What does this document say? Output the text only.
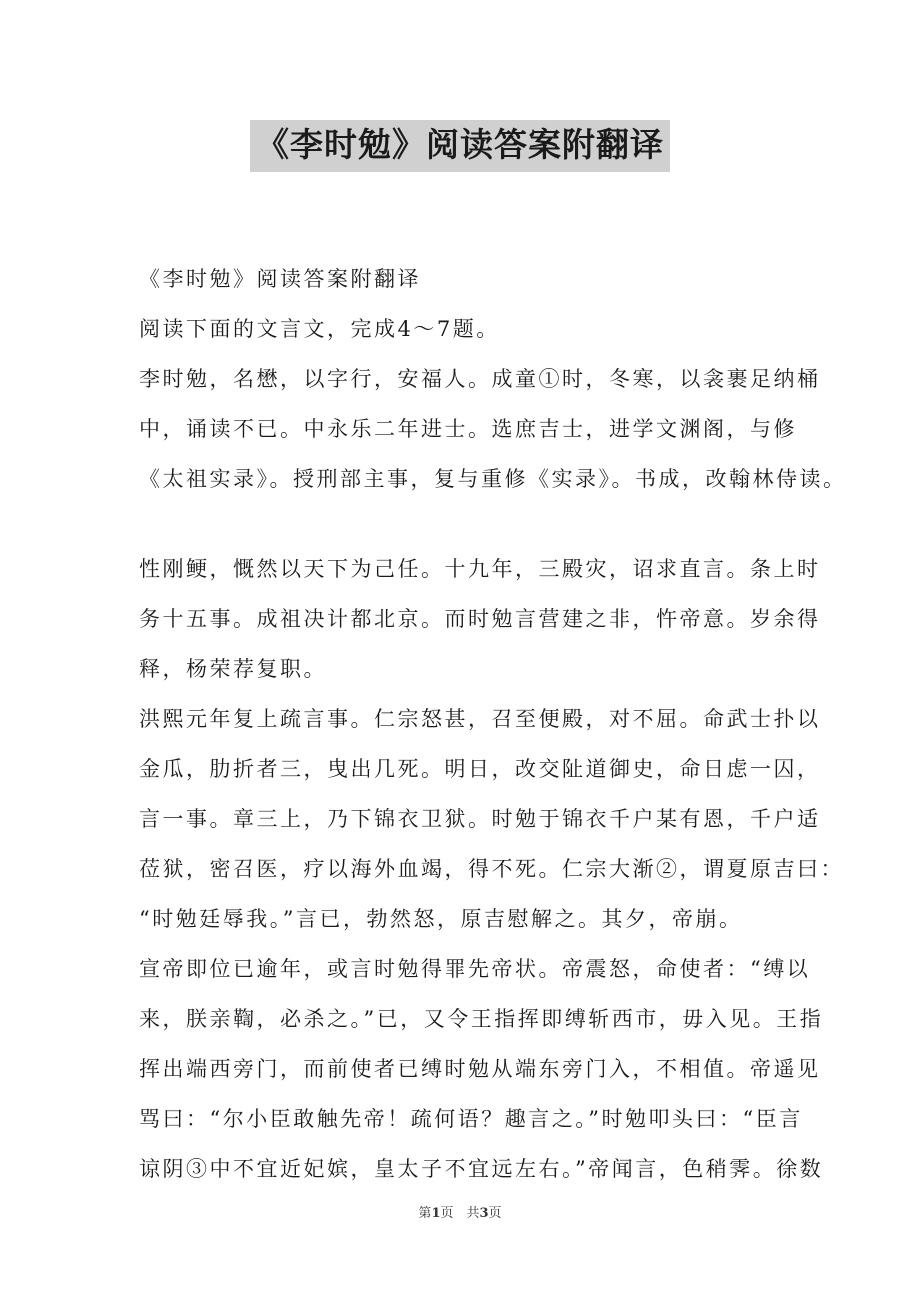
《李时勉》阅读答案附翻译
《李时勉》阅读答案附翻译
阅读下面的文言文，完成4～7题。
李时勉，名懋，以字行，安福人。成童①时，冬寒，以衾裹足纳桶
中，诵读不已。中永乐二年进士。选庶吉士，进学文渊阁，与修
《太祖实录》。授刑部主事，复与重修《实录》。书成，改翰林侍读。
性刚鲠，慨然以天下为己任。十九年，三殿灾，诏求直言。条上时
务十五事。成祖决计都北京。而时勉言营建之非，忤帝意。岁余得
释，杨荣荐复职。
洪熙元年复上疏言事。仁宗怒甚，召至便殿，对不屈。命武士扑以
金瓜，肋折者三，曳出几死。明日，改交阯道御史，命日虑一囚，
言一事。章三上，乃下锦衣卫狱。时勉于锦衣千户某有恩，千户适
莅狱，密召医，疗以海外血竭，得不死。仁宗大渐②，谓夏原吉曰：
“时勉廷辱我。”言已，勃然怒，原吉慰解之。其夕，帝崩。
宣帝即位已逾年，或言时勉得罪先帝状。帝震怒，命使者：“缚以
来，朕亲鞫，必杀之。”已，又令王指挥即缚斩西市，毋入见。王指
挥出端西旁门，而前使者已缚时勉从端东旁门入，不相值。帝遥见
骂曰：“尔小臣敢触先帝！疏何语？趣言之。”时勉叩头曰：“臣言
谅阴③中不宜近妃嫔，皇太子不宜远左右。”帝闻言，色稍霁。徐数
第1页　共3页
